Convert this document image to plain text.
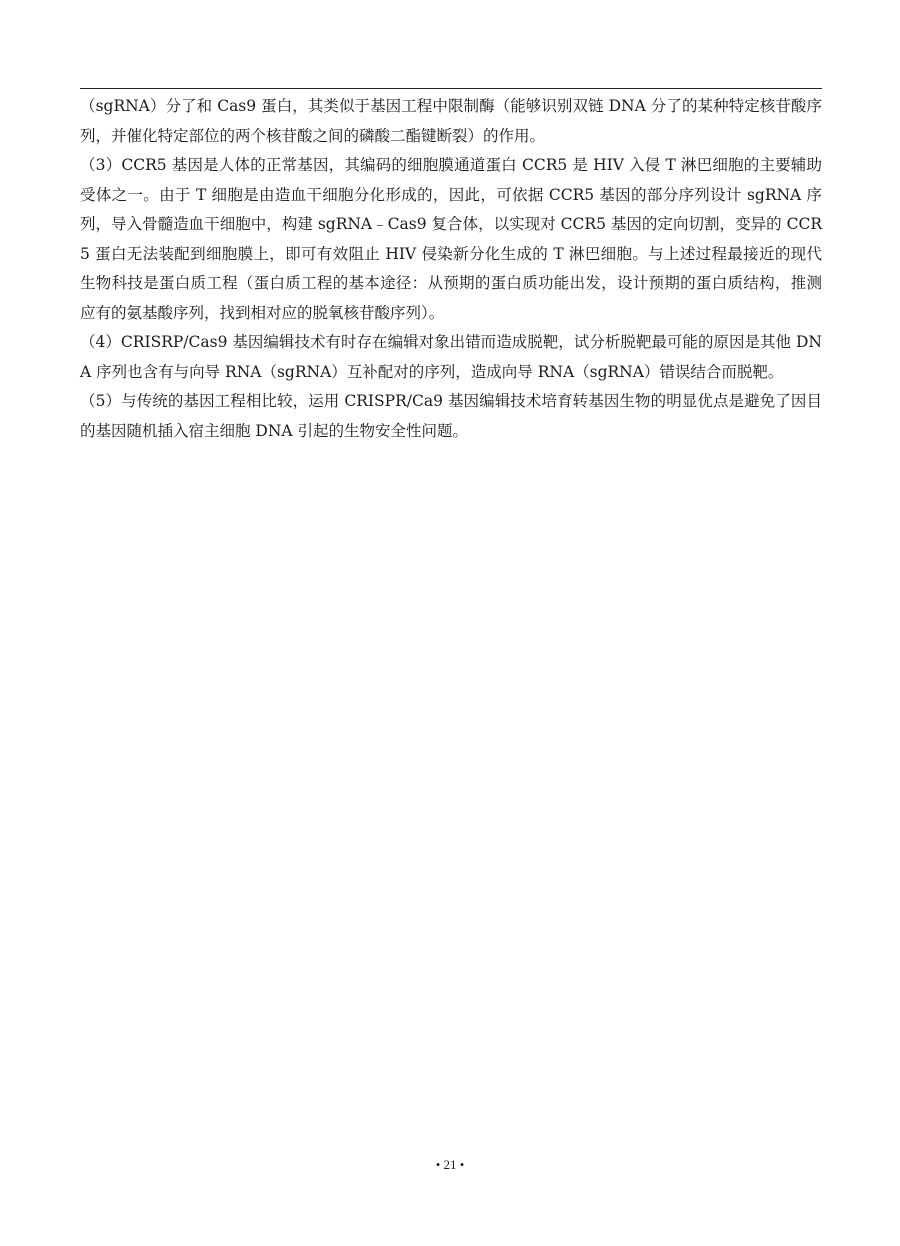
（sgRNA）分了和 Cas9 蛋白，其类似于基因工程中限制酶（能够识别双链 DNA 分了的某种特定核苷酸序列，并催化特定部位的两个核苷酸之间的磷酸二酯键断裂）的作用。

（3）CCR5 基因是人体的正常基因，其编码的细胞膜通道蛋白 CCR5 是 HIV 入侵 T 淋巴细胞的主要辅助受体之一。由于 T 细胞是由造血干细胞分化形成的，因此，可依据 CCR5 基因的部分序列设计 sgRNA 序列，导入骨髓造血干细胞中，构建 sgRNA﹣Cas9 复合体，以实现对 CCR5 基因的定向切割，变异的 CCR5 蛋白无法装配到细胞膜上，即可有效阻止 HIV 侵染新分化生成的 T 淋巴细胞。与上述过程最接近的现代生物科技是蛋白质工程（蛋白质工程的基本途径：从预期的蛋白质功能出发，设计预期的蛋白质结构，推测应有的氨基酸序列，找到相对应的脱氧核苷酸序列）。

（4）CRISRP/Cas9 基因编辑技术有时存在编辑对象出错而造成脱靶，试分析脱靶最可能的原因是其他 DNA 序列也含有与向导 RNA（sgRNA）互补配对的序列，造成向导 RNA（sgRNA）错误结合而脱靶。

（5）与传统的基因工程相比较，运用 CRISPR/Ca9 基因编辑技术培育转基因生物的明显优点是避免了因目的基因随机插入宿主细胞 DNA 引起的生物安全性问题。

• 21 •
